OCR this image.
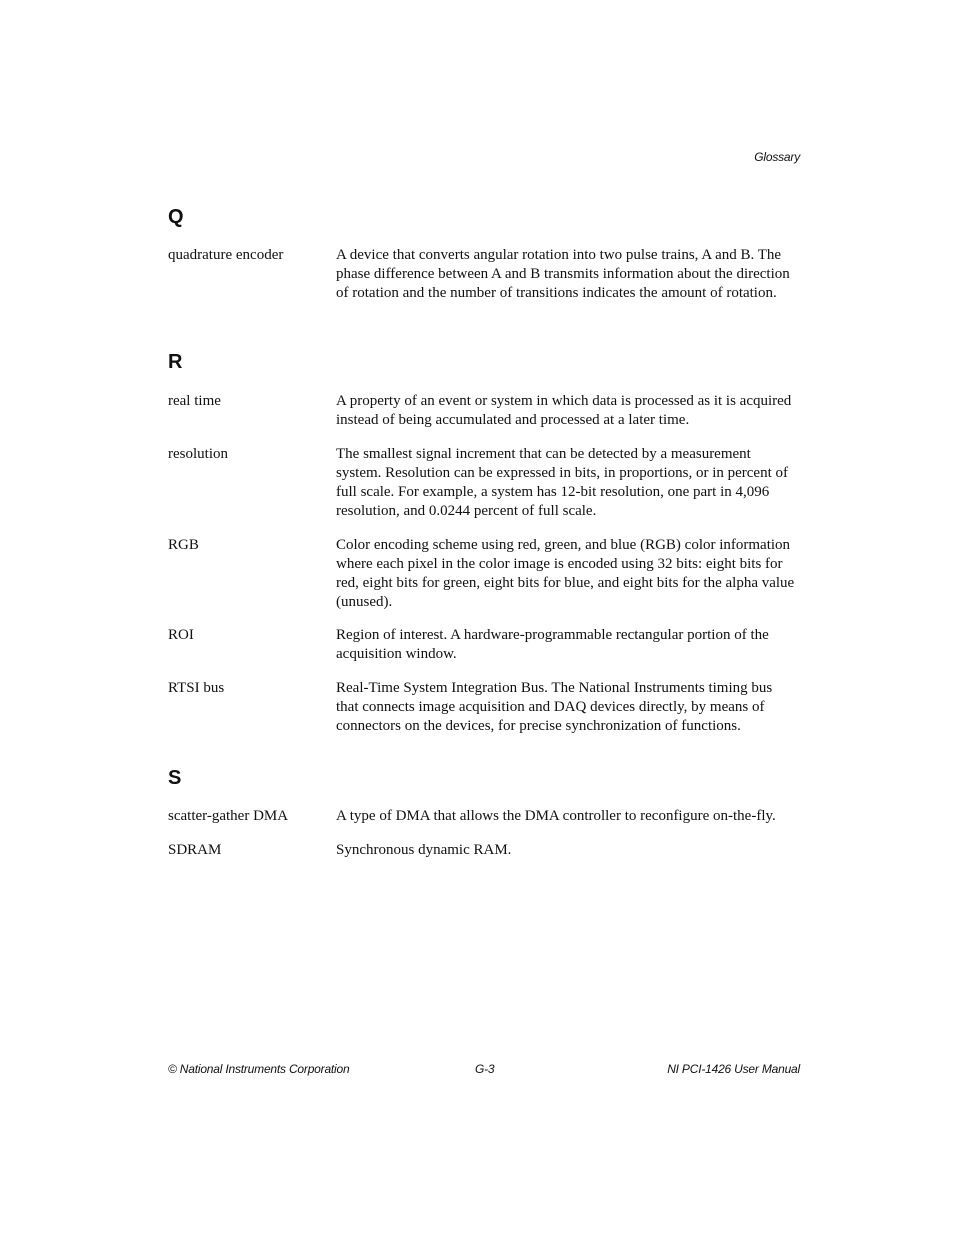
Glossary
Q
quadrature encoder	A device that converts angular rotation into two pulse trains, A and B. The phase difference between A and B transmits information about the direction of rotation and the number of transitions indicates the amount of rotation.
R
real time	A property of an event or system in which data is processed as it is acquired instead of being accumulated and processed at a later time.
resolution	The smallest signal increment that can be detected by a measurement system. Resolution can be expressed in bits, in proportions, or in percent of full scale. For example, a system has 12-bit resolution, one part in 4,096 resolution, and 0.0244 percent of full scale.
RGB	Color encoding scheme using red, green, and blue (RGB) color information where each pixel in the color image is encoded using 32 bits: eight bits for red, eight bits for green, eight bits for blue, and eight bits for the alpha value (unused).
ROI	Region of interest. A hardware-programmable rectangular portion of the acquisition window.
RTSI bus	Real-Time System Integration Bus. The National Instruments timing bus that connects image acquisition and DAQ devices directly, by means of connectors on the devices, for precise synchronization of functions.
S
scatter-gather DMA	A type of DMA that allows the DMA controller to reconfigure on-the-fly.
SDRAM	Synchronous dynamic RAM.
© National Instruments Corporation	G-3	NI PCI-1426 User Manual
